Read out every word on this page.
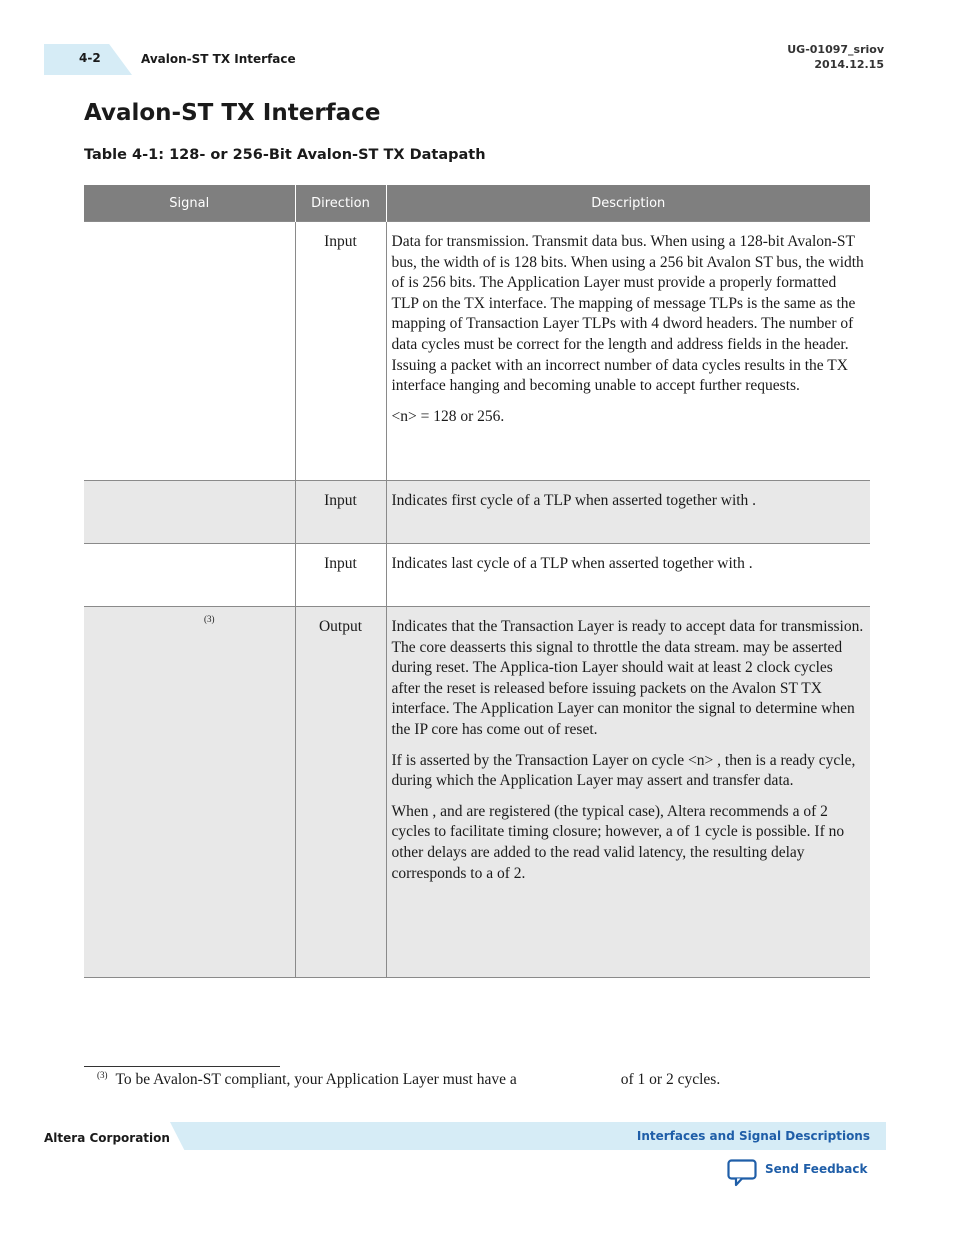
4-2	Avalon-ST TX Interface
UG-01097_sriov
2014.12.15
Avalon-ST TX Interface
Table 4-1: 128- or 256-Bit Avalon-ST TX Datapath
Signal	Direction	Description
	Input	Data for transmission. Transmit data bus. When using a 128-bit Avalon-ST bus, the width of is 128 bits. When using a 256 bit Avalon ST bus, the width of is 256 bits. The Application Layer must provide a properly formatted TLP on the TX interface. The mapping of message TLPs is the same as the mapping of Transaction Layer TLPs with 4 dword headers. The number of data cycles must be correct for the length and address fields in the header. Issuing a packet with an incorrect number of data cycles results in the TX interface hanging and becoming unable to accept further requests.

<n> = 128 or 256.

	Input	Indicates first cycle of a TLP when asserted together with .

	Input	Indicates last cycle of a TLP when asserted together with .

$^{(3)}$	Output	Indicates that the Transaction Layer is ready to accept data for transmission. The core deasserts this signal to throttle the data stream. may be asserted during reset. The Applica-tion Layer should wait at least 2 clock cycles after the reset is released before issuing packets on the Avalon ST TX interface. The Application Layer can monitor the signal to determine when the IP core has come out of reset.

If is asserted by the Transaction Layer on cycle <n> , then is a ready cycle, during which the Application Layer may assert and transfer data.

When , and are registered (the typical case), Altera recommends a of 2 cycles to facilitate timing closure; however, a of 1 cycle is possible. If no other delays are added to the read valid latency, the resulting delay corresponds to a of 2.

$^{(3)}$ To be Avalon-ST compliant, your Application Layer must have a	of 1 or 2 cycles.
Altera Corporation	Interfaces and Signal Descriptions
Send Feedback
